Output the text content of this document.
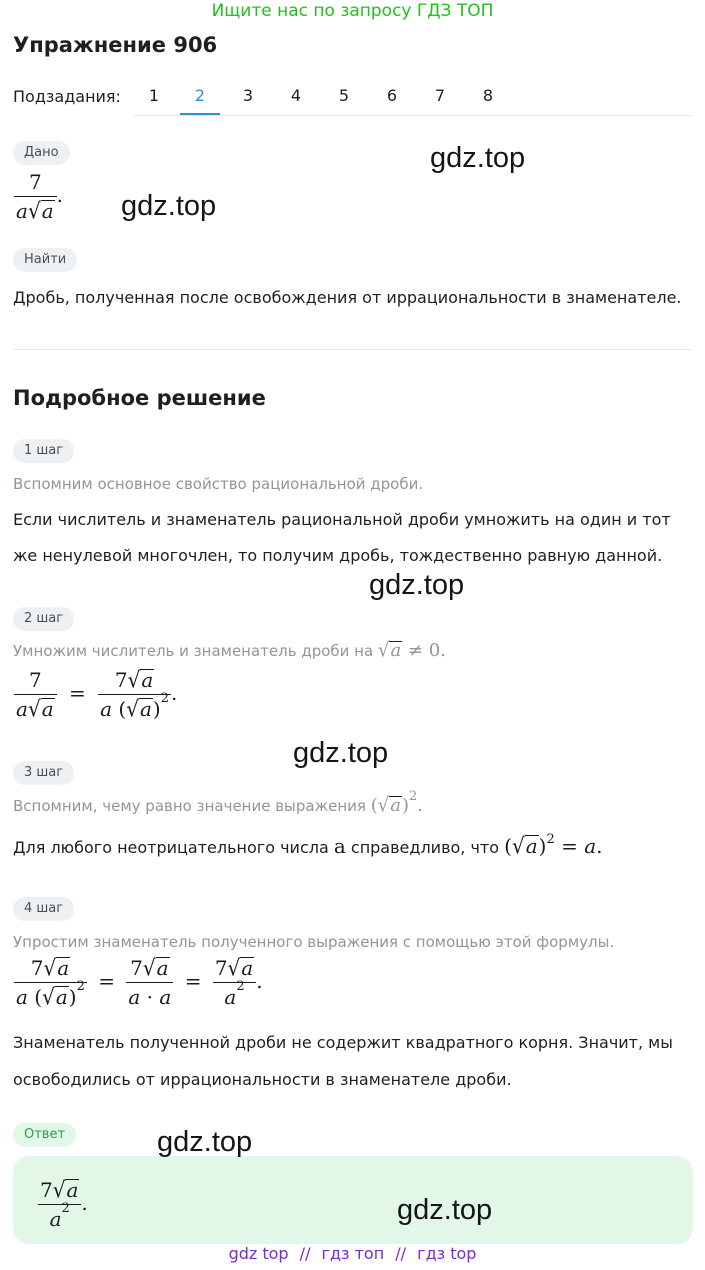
Ищите нас по запросу ГДЗ ТОП
Упражнение 906
Подзадания:	1	2	3	4	5	6	7	8
Дано
$\frac{7}{a√a}$ .
Найти
Дробь, полученная после освобождения от иррациональности в знаменателе.
Подробное решение
1 шаг
Вспомним основное свойство рациональной дроби.
Если числитель и знаменатель рациональной дроби умножить на один и тот
же ненулевой многочлен, то получим дробь, тождественно равную данной.
2 шаг
Умножим числитель и знаменатель дроби на √a ≠ 0.
$\frac{7}{a√a} = \frac{7√a}{a (√a)^2}$ .
3 шаг
Вспомним, чему равно значение выражения $(√a)^2$.
Для любого неотрицательного числа a справедливо, что $(√a)^2 = a$.
4 шаг
Упростим знаменатель полученного выражения с помощью этой формулы.
$\frac{7√a}{a (√a)^2} = \frac{7√a}{a \cdot a} = \frac{7√a}{a^2}$ .
Знаменатель полученной дроби не содержит квадратного корня. Значит, мы
освободились от иррациональности в знаменателе дроби.
Ответ
$\frac{7√a}{a^2}$ .
gdz.top
gdz.top
gdz.top
gdz.top
gdz.top
gdz.top
gdz top // гдз топ // гдз top
